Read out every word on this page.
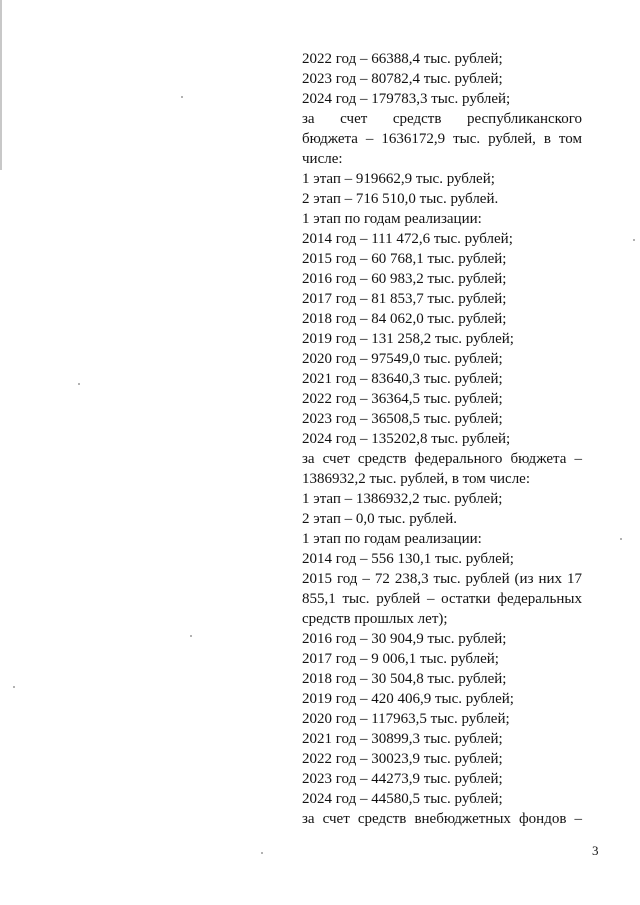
2022 год – 66388,4 тыс. рублей;
2023 год – 80782,4 тыс. рублей;
2024 год – 179783,3 тыс. рублей;
за счет средств республиканского
бюджета – 1636172,9 тыс. рублей, в том
числе:
1 этап – 919662,9 тыс. рублей;
2 этап – 716 510,0 тыс. рублей.
1 этап по годам реализации:
2014 год – 111 472,6 тыс. рублей;
2015 год – 60 768,1 тыс. рублей;
2016 год – 60 983,2 тыс. рублей;
2017 год – 81 853,7 тыс. рублей;
2018 год – 84 062,0 тыс. рублей;
2019 год – 131 258,2 тыс. рублей;
2020 год – 97549,0 тыс. рублей;
2021 год – 83640,3 тыс. рублей;
2022 год – 36364,5 тыс. рублей;
2023 год – 36508,5 тыс. рублей;
2024 год – 135202,8 тыс. рублей;
за счет средств федерального бюджета –
1386932,2 тыс. рублей, в том числе:
1 этап – 1386932,2 тыс. рублей;
2 этап – 0,0 тыс. рублей.
1 этап по годам реализации:
2014 год – 556 130,1 тыс. рублей;
2015 год – 72 238,3 тыс. рублей (из них 17
855,1 тыс. рублей – остатки федеральных
средств прошлых лет);
2016 год – 30 904,9 тыс. рублей;
2017 год – 9 006,1 тыс. рублей;
2018 год – 30 504,8 тыс. рублей;
2019 год – 420 406,9 тыс. рублей;
2020 год – 117963,5 тыс. рублей;
2021 год – 30899,3 тыс. рублей;
2022 год – 30023,9 тыс. рублей;
2023 год – 44273,9 тыс. рублей;
2024 год – 44580,5 тыс. рублей;
за счет средств внебюджетных фондов –
3
